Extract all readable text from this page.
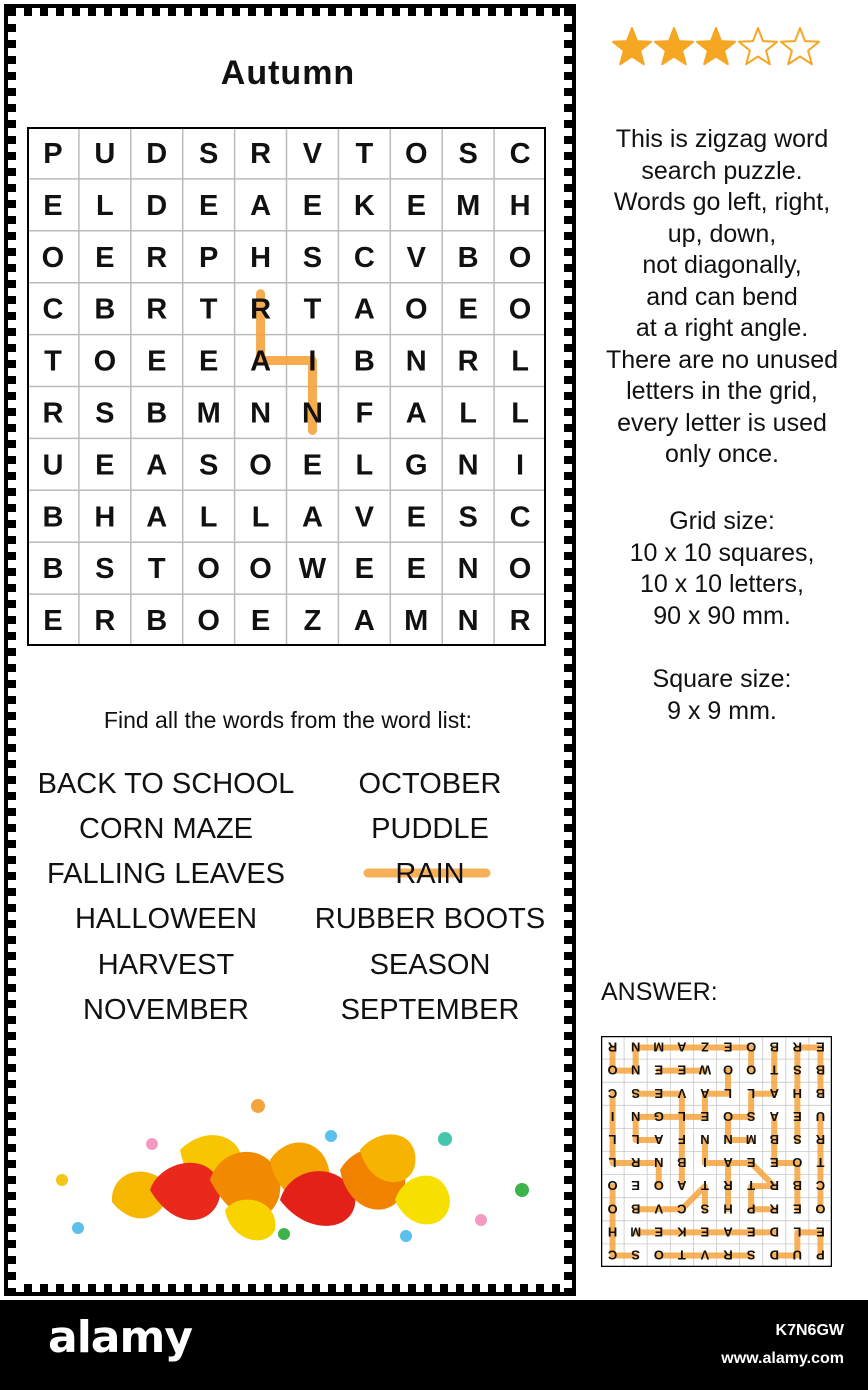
Autumn
P U D S R V T O S C
E L D E A E K E M H
O E R P H S C V B O
C B R T R T A O E O
T O E E A I B N R L
R S B M N N F A L L
U E A S O E L G N I
B H A L L A V E S C
B S T O O W E E N O
E R B O E Z A M N R
Find all the words from the word list:
BACK TO SCHOOL
CORN MAZE
FALLING LEAVES
HALLOWEEN
HARVEST
NOVEMBER
OCTOBER
PUDDLE
RAIN
RUBBER BOOTS
SEASON
SEPTEMBER
This is zigzag word
search puzzle.
Words go left, right,
up, down,
not diagonally,
and can bend
at a right angle.
There are no unused
letters in the grid,
every letter is used
only once.
Grid size:
10 x 10 squares,
10 x 10 letters,
90 x 90 mm.
Square size:
9 x 9 mm.
ANSWER:
P
U
D
S
R
V
T
O
S
C
E
L
D
E
A
E
K
E
M
H
O
E
R
P
H
S
C
V
B
O
C
B
R
T
R
T
A
O
E
O
T
O
E
E
A
I
B
N
R
L
R
S
B
M
N
N
F
A
L
L
U
E
A
S
O
E
L
G
N
I
B
H
A
L
L
A
V
E
S
C
B
S
T
O
O
W
E
E
N
O
E
R
B
O
E
Z
A
M
N
R
alamy	K7N6GW
www.alamy.com
